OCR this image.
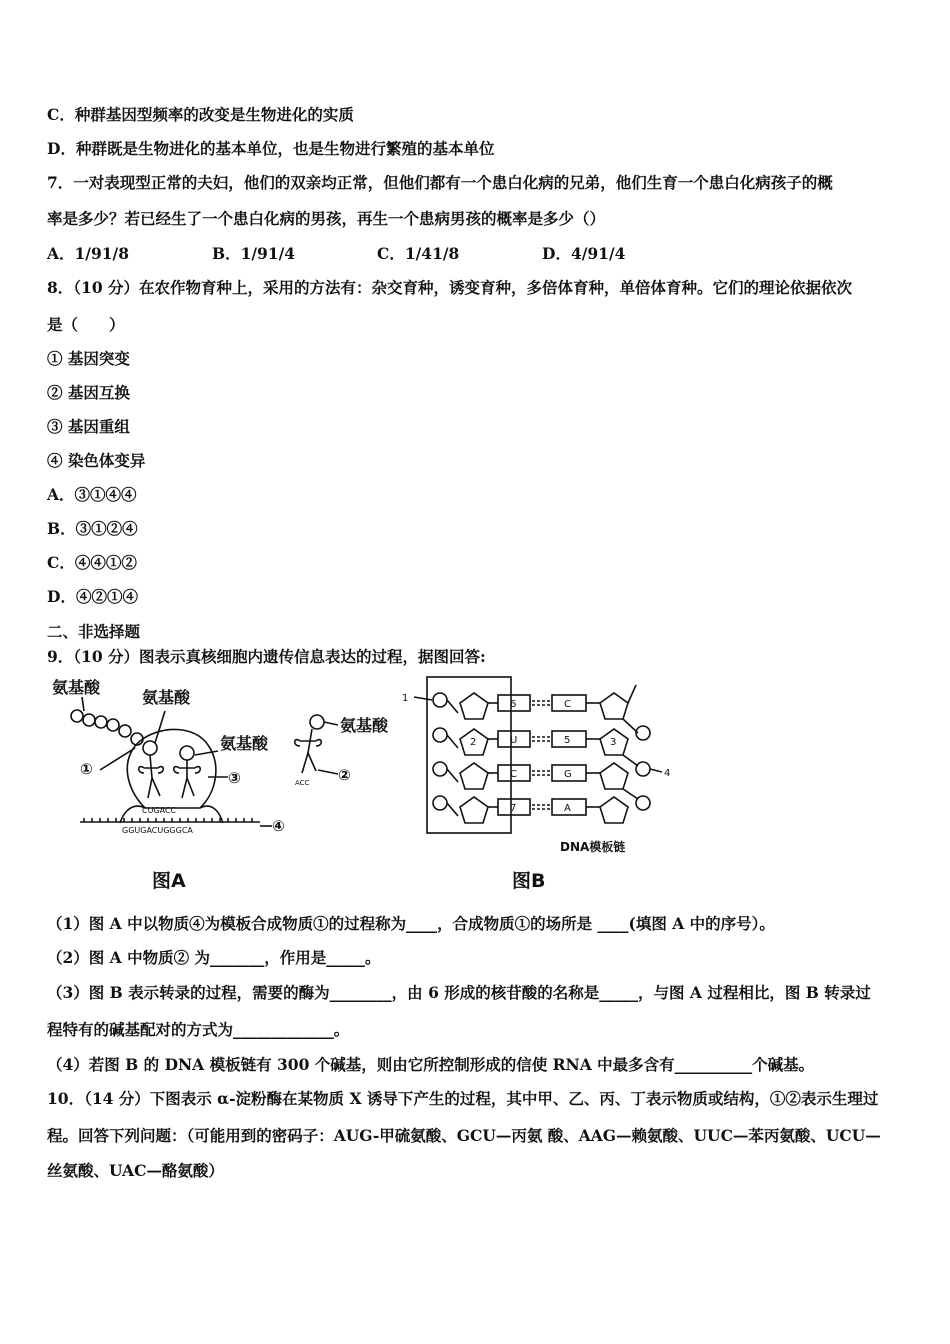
C．种群基因型频率的改变是生物进化的实质
D．种群既是生物进化的基本单位，也是生物进行繁殖的基本单位
7．一对表现型正常的夫妇，他们的双亲均正常，但他们都有一个患白化病的兄弟，他们生育一个患白化病孩子的概
率是多少？若已经生了一个患白化病的男孩，再生一个患病男孩的概率是多少（）
A．1/91/8	B．1/91/4	C．1/41/8	D．4/91/4
8．（10 分）在农作物育种上，采用的方法有：杂交育种，诱变育种，多倍体育种，单倍体育种。它们的理论依据依次
是（　　）
① 基因突变
② 基因互换
③ 基因重组
④ 染色体变异
A．③①④④
B．③①②④
C．④④①②
D．④②①④
二、非选择题
9．（10 分）图表示真核细胞内遗传信息表达的过程，据图回答:
氨基酸
氨基酸
氨基酸
氨基酸
①	③	②
④
CUGACC
GGUGACUGGGCA
ACC
图A
1
2	3
4
6
U
C
7
C
5
G
A
DNA模板链
图B
（1）图 A 中以物质④为模板合成物质①的过程称为____，合成物质①的场所是 ____(填图 A 中的序号）。
（2）图 A 中物质② 为_______，作用是_____。
（3）图 B 表示转录的过程，需要的酶为________，由 6 形成的核苷酸的名称是_____，与图 A 过程相比，图 B 转录过
程特有的碱基配对的方式为_____________。
（4）若图 B 的 DNA 模板链有 300 个碱基，则由它所控制形成的信使 RNA 中最多含有__________个碱基。
10．（14 分）下图表示 α-淀粉酶在某物质 X 诱导下产生的过程，其中甲、乙、丙、丁表示物质或结构，①②表示生理过
程。回答下列问题：（可能用到的密码子：AUG-甲硫氨酸、GCU—丙氨 酸、AAG—赖氨酸、UUC—苯丙氨酸、UCU—
丝氨酸、UAC—酪氨酸）
